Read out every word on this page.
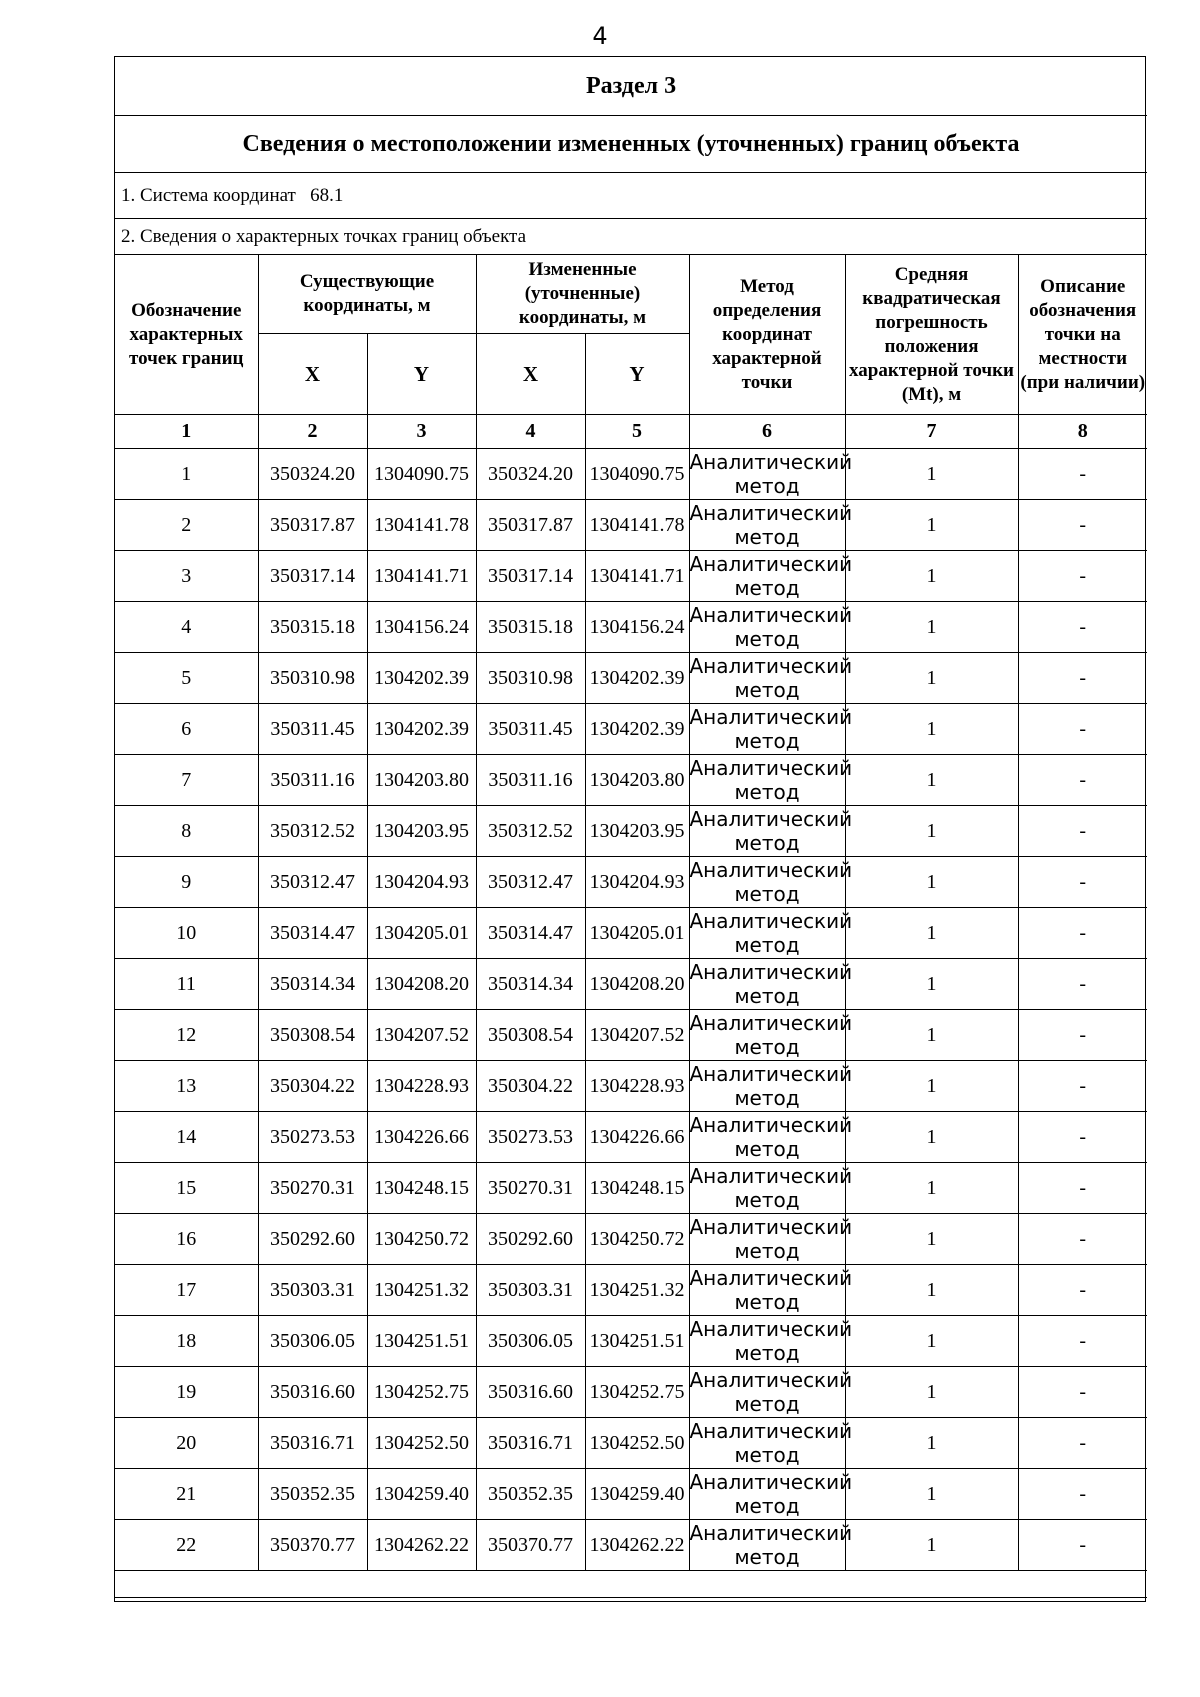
4
Раздел 3							
Сведения о местоположении измененных (уточненных) границ объекта							
1. Система координат 68.1							
2. Сведения о характерных точках границ объекта							
Обозначение характерных точек границ	Существующие координаты, м		Измененные (уточненные) координаты, м		Метод определения координат характерной точки	Средняя квадратическая погрешность положения характерной точки (Mt), м	Описание обозначения точки на местности (при наличии)
	X	Y	X	Y			
1	2	3	4	5	6	7	8
1	350324.20	1304090.75	350324.20	1304090.75	Аналитический метод	1	-
2	350317.87	1304141.78	350317.87	1304141.78	Аналитический метод	1	-
3	350317.14	1304141.71	350317.14	1304141.71	Аналитический метод	1	-
4	350315.18	1304156.24	350315.18	1304156.24	Аналитический метод	1	-
5	350310.98	1304202.39	350310.98	1304202.39	Аналитический метод	1	-
6	350311.45	1304202.39	350311.45	1304202.39	Аналитический метод	1	-
7	350311.16	1304203.80	350311.16	1304203.80	Аналитический метод	1	-
8	350312.52	1304203.95	350312.52	1304203.95	Аналитический метод	1	-
9	350312.47	1304204.93	350312.47	1304204.93	Аналитический метод	1	-
10	350314.47	1304205.01	350314.47	1304205.01	Аналитический метод	1	-
11	350314.34	1304208.20	350314.34	1304208.20	Аналитический метод	1	-
12	350308.54	1304207.52	350308.54	1304207.52	Аналитический метод	1	-
13	350304.22	1304228.93	350304.22	1304228.93	Аналитический метод	1	-
14	350273.53	1304226.66	350273.53	1304226.66	Аналитический метод	1	-
15	350270.31	1304248.15	350270.31	1304248.15	Аналитический метод	1	-
16	350292.60	1304250.72	350292.60	1304250.72	Аналитический метод	1	-
17	350303.31	1304251.32	350303.31	1304251.32	Аналитический метод	1	-
18	350306.05	1304251.51	350306.05	1304251.51	Аналитический метод	1	-
19	350316.60	1304252.75	350316.60	1304252.75	Аналитический метод	1	-
20	350316.71	1304252.50	350316.71	1304252.50	Аналитический метод	1	-
21	350352.35	1304259.40	350352.35	1304259.40	Аналитический метод	1	-
22	350370.77	1304262.22	350370.77	1304262.22	Аналитический метод	1	-
